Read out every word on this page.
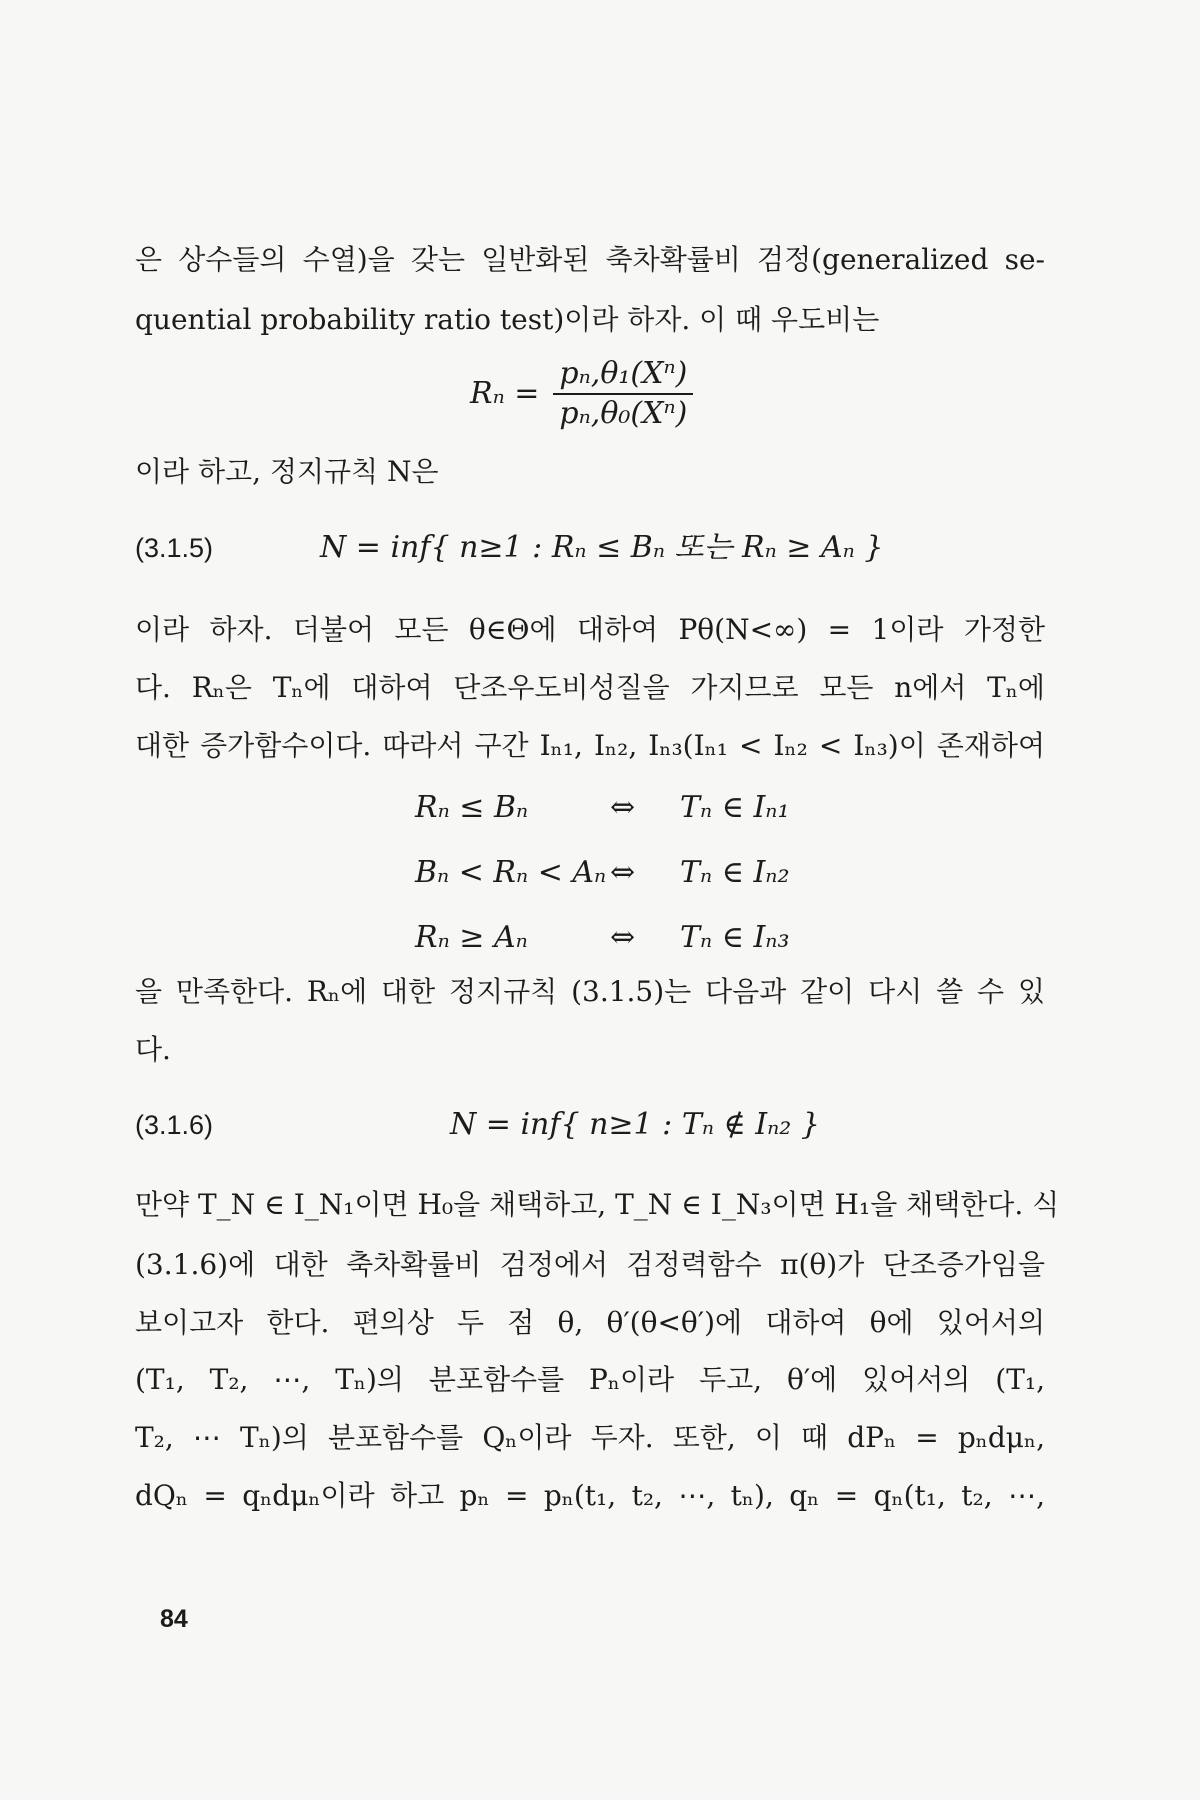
은 상수들의 수열)을 갖는 일반화된 축차확률비 검정(generalized se-
quential probability ratio test)이라 하자. 이 때 우도비는
$R_n = \frac{\text{pₙ,θ₁(Xⁿ)}}{\text{pₙ,θ₀(Xⁿ)}}$
이라 하고, 정지규칙 N은
(3.1.5)	N = inf{ n≥1 : Rₙ ≤ Bₙ 또는 Rₙ ≥ Aₙ }
이라 하자. 더불어 모든 θ∈Θ에 대하여 Pθ(N<∞) = 1이라 가정한
다. Rₙ은 Tₙ에 대하여 단조우도비성질을 가지므로 모든 n에서 Tₙ에
대한 증가함수이다. 따라서 구간 Iₙ₁, Iₙ₂, Iₙ₃(Iₙ₁ < Iₙ₂ < Iₙ₃)이 존재하여
Rₙ ≤ Bₙ	⇔ Tₙ ∈ Iₙ₁
Bₙ < Rₙ < Aₙ ⇔ Tₙ ∈ Iₙ₂
Rₙ ≥ Aₙ	⇔ Tₙ ∈ Iₙ₃
을 만족한다. Rₙ에 대한 정지규칙 (3.1.5)는 다음과 같이 다시 쓸 수 있
다.
(3.1.6)	N = inf{ n≥1 : Tₙ ∉ Iₙ₂ }
만약 T_N ∈ I_N₁이면 H₀을 채택하고, T_N ∈ I_N₃이면 H₁을 채택한다. 식
(3.1.6)에 대한 축차확률비 검정에서 검정력함수 π(θ)가 단조증가임을
보이고자 한다. 편의상 두 점 θ, θ′(θ<θ′)에 대하여 θ에 있어서의
(T₁, T₂, ⋯, Tₙ)의 분포함수를 Pₙ이라 두고, θ′에 있어서의 (T₁,
T₂, ⋯ Tₙ)의 분포함수를 Qₙ이라 두자. 또한, 이 때 dPₙ = pₙdμₙ,
dQₙ = qₙdμₙ이라 하고 pₙ = pₙ(t₁, t₂, ⋯, tₙ), qₙ = qₙ(t₁, t₂, ⋯,
84
